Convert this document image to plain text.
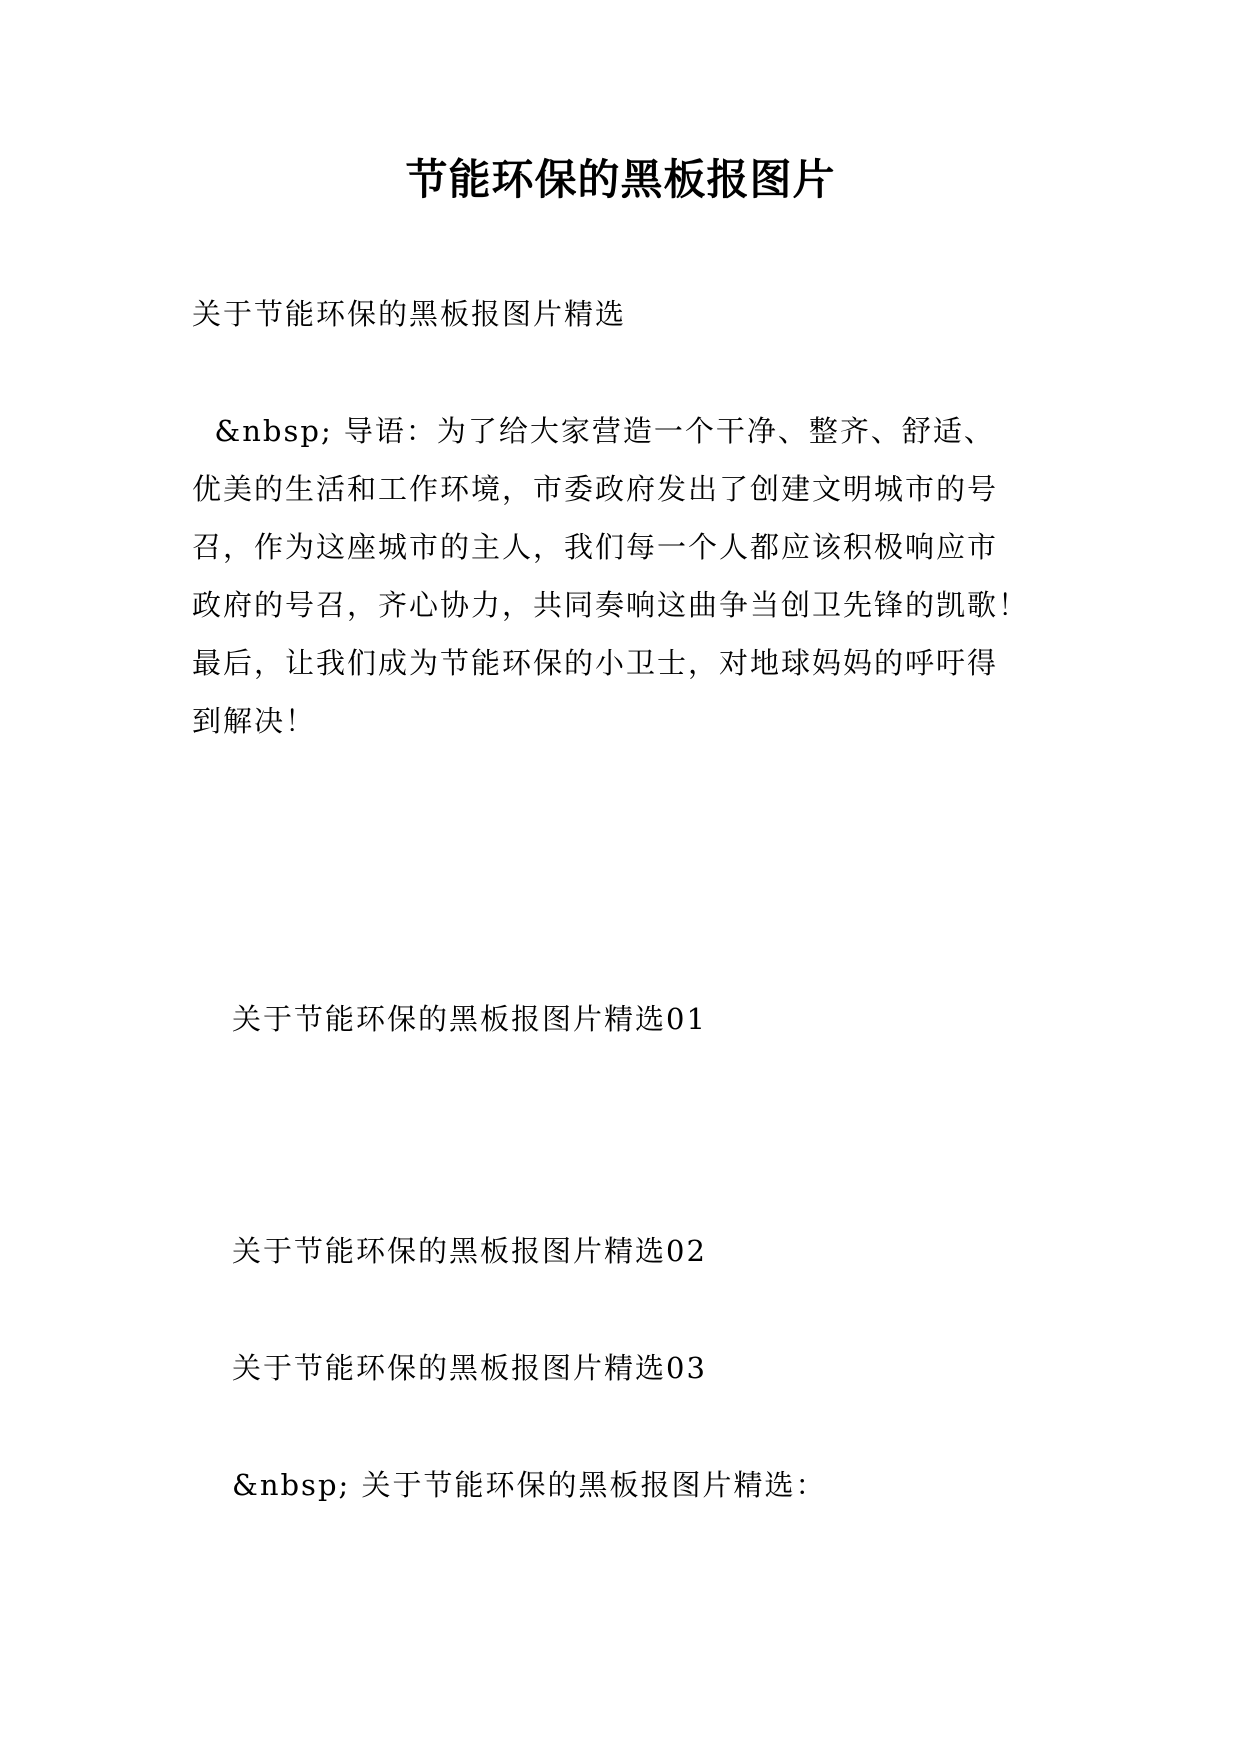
节能环保的黑板报图片
关于节能环保的黑板报图片精选
&nbsp; 导语：为了给大家营造一个干净、整齐、舒适、
优美的生活和工作环境，市委政府发出了创建文明城市的号
召，作为这座城市的主人，我们每一个人都应该积极响应市
政府的号召，齐心协力，共同奏响这曲争当创卫先锋的凯歌！
最后，让我们成为节能环保的小卫士，对地球妈妈的呼吁得
到解决！
关于节能环保的黑板报图片精选01
关于节能环保的黑板报图片精选02
关于节能环保的黑板报图片精选03
&nbsp; 关于节能环保的黑板报图片精选：
